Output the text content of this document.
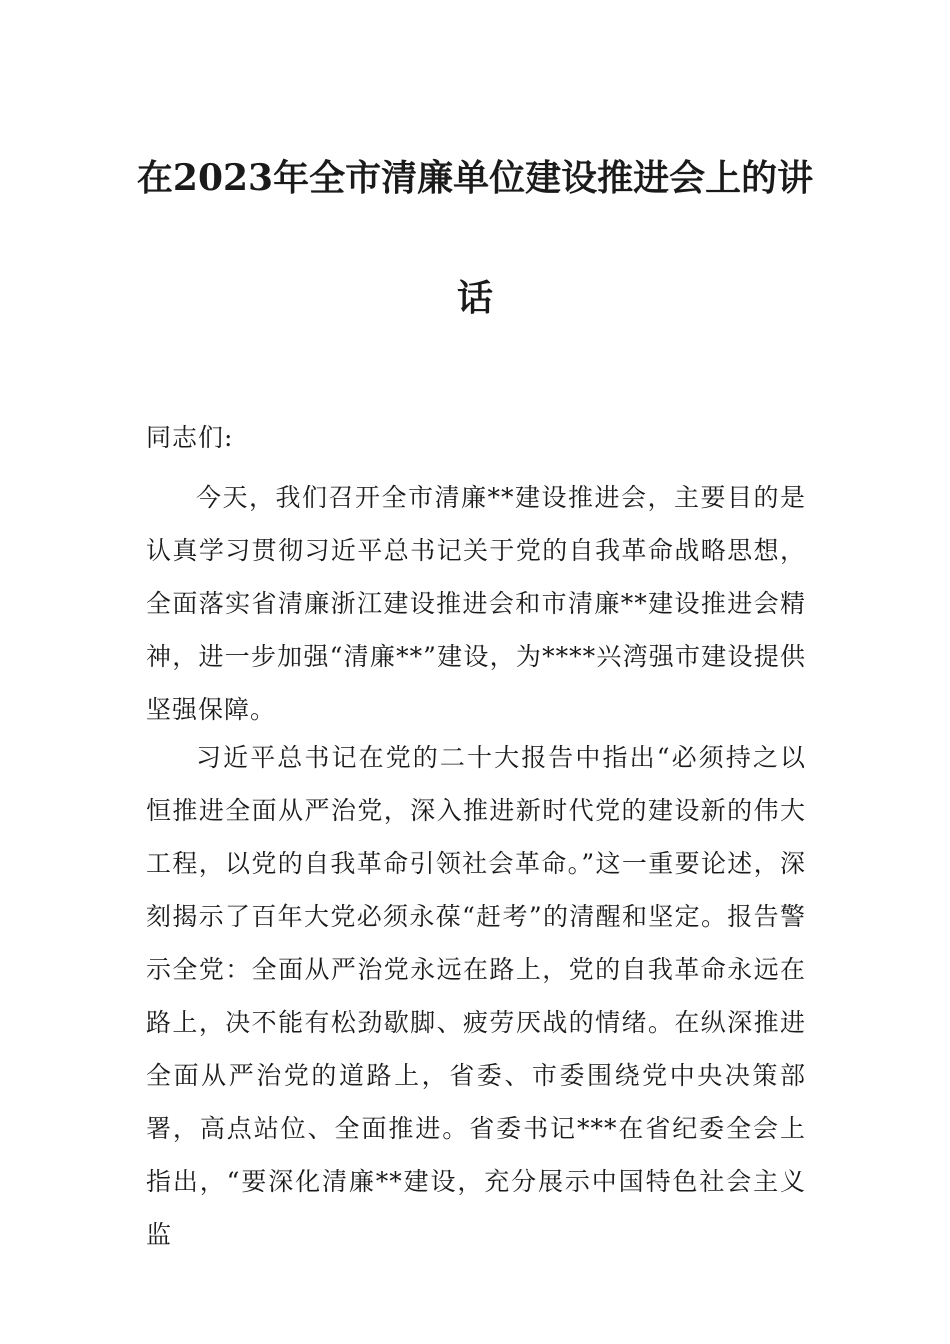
在2023年全市清廉单位建设推进会上的讲
话
同志们:

今天，我们召开全市清廉**建设推进会，主要目的是认真学习贯彻习近平总书记关于党的自我革命战略思想，全面落实省清廉浙江建设推进会和市清廉**建设推进会精神，进一步加强“清廉**”建设，为****兴湾强市建设提供坚强保障。

习近平总书记在党的二十大报告中指出“必须持之以恒推进全面从严治党，深入推进新时代党的建设新的伟大工程，以党的自我革命引领社会革命。”这一重要论述，深刻揭示了百年大党必须永葆“赶考”的清醒和坚定。报告警示全党：全面从严治党永远在路上，党的自我革命永远在路上，决不能有松劲歇脚、疲劳厌战的情绪。在纵深推进全面从严治党的道路上，省委、市委围绕党中央决策部署，高点站位、全面推进。省委书记***在省纪委全会上指出，“要深化清廉**建设，充分展示中国特色社会主义监
